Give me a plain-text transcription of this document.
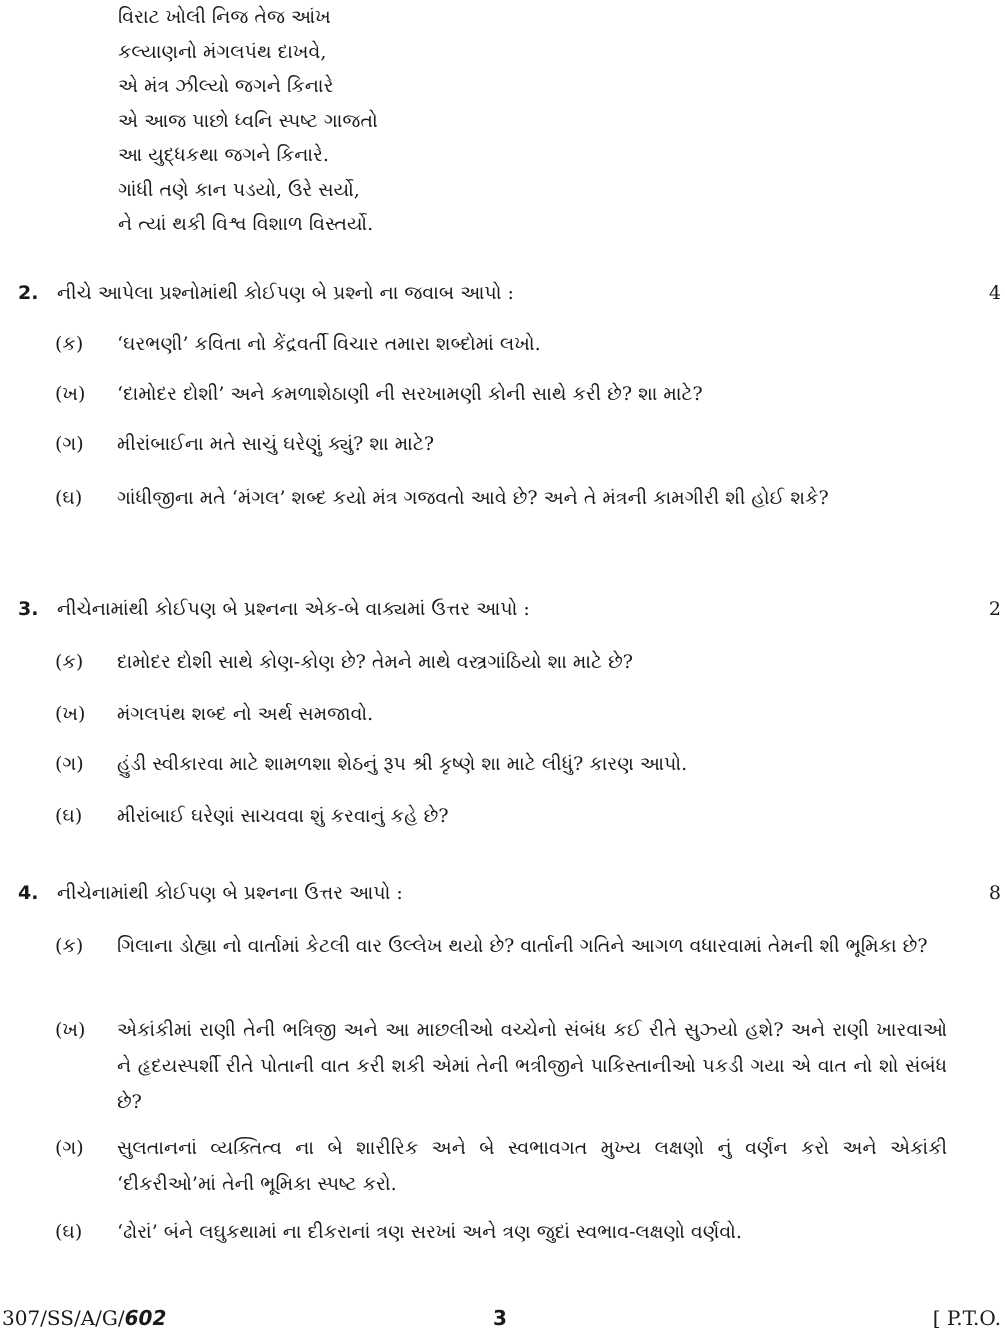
વિરાટ ખોલી નિજ તેજ આંખ
કલ્યાણનો મંગલપંથ દાખવે,
એ મંત્ર ઝીલ્યો જગને કિનારે
એ આજ પાછો ધ્વનિ સ્પષ્ટ ગાજતો
આ યુદ્ધકથા જગને કિનારે.
ગાંધી તણે કાન પડયો, ઉરે સર્યો,
ને ત્યાં થકી વિશ્વ વિશાળ વિસ્તર્યો.
2. નીચે આપેલા પ્રશ્નોમાંથી કોઈપણ બે પ્રશ્નો ના જવાબ આપો :	4
(ક) ‘ઘરભણી’ કવિતા નો કેંદ્રવર્તી વિચાર તમારા શબ્દોમાં લખો.
(ખ) ‘દામોદર દોશી’ અને કમળાશેઠાણી ની સરખામણી કોની સાથે કરી છે? શા માટે?
(ગ) મીરાંબાઈના મતે સાચું ઘરેણું ક્યું? શા માટે?
(ઘ) ગાંધીજીના મતે ‘મંગલ’ શબ્દ કયો મંત્ર ગજવતો આવે છે? અને તે મંત્રની કામગીરી શી હોઈ શકે?
3. નીચેનામાંથી કોઈપણ બે પ્રશ્નના એક-બે વાક્યમાં ઉત્તર આપો :	2
(ક) દામોદર દોશી સાથે કોણ-કોણ છે? તેમને માથે વસ્ત્રગાંઠિયો શા માટે છે?
(ખ) મંગલપંથ શબ્દ નો અર્થ સમજાવો.
(ગ) હુંડી સ્વીકારવા માટે શામળશા શેઠનું રૂપ શ્રી કૃષ્ણે શા માટે લીધું? કારણ આપો.
(ઘ) મીરાંબાઈ ઘરેણાં સાચવવા શું કરવાનું કહે છે?
4. નીચેનામાંથી કોઈપણ બે પ્રશ્નના ઉત્તર આપો :	8
(ક) ગિલાના ડોહ્યા નો વાર્તામાં કેટલી વાર ઉલ્લેખ થયો છે? વાર્તાની ગતિને આગળ વધારવામાં તેમની શી ભૂમિકા છે?
(ખ) એકાંકીમાં રાણી તેની ભત્રિજી અને આ માછલીઓ વચ્ચેનો સંબંધ કઈ રીતે સુઝ્યો હશે? અને રાણી ખારવાઓ ને હૃદયસ્પર્શી રીતે પોતાની વાત કરી શકી એમાં તેની ભત્રીજીને પાકિસ્તાનીઓ પકડી ગયા એ વાત નો શો સંબંધ છે?
(ગ) સુલતાનનાં વ્યક્તિત્વ ના બે શારીરિક અને બે સ્વભાવગત મુખ્ય લક્ષણો નું વર્ણન કરો અને એકાંકી ‘દીકરીઓ’માં તેની ભૂમિકા સ્પષ્ટ કરો.
(ઘ) ‘ઢોરાં’ બંને લઘુકથામાં ના દીકરાનાં ત્રણ સરખાં અને ત્રણ જુદાં સ્વભાવ-લક્ષણો વર્ણવો.
307/SS/A/G/602	3	[ P.T.O.
